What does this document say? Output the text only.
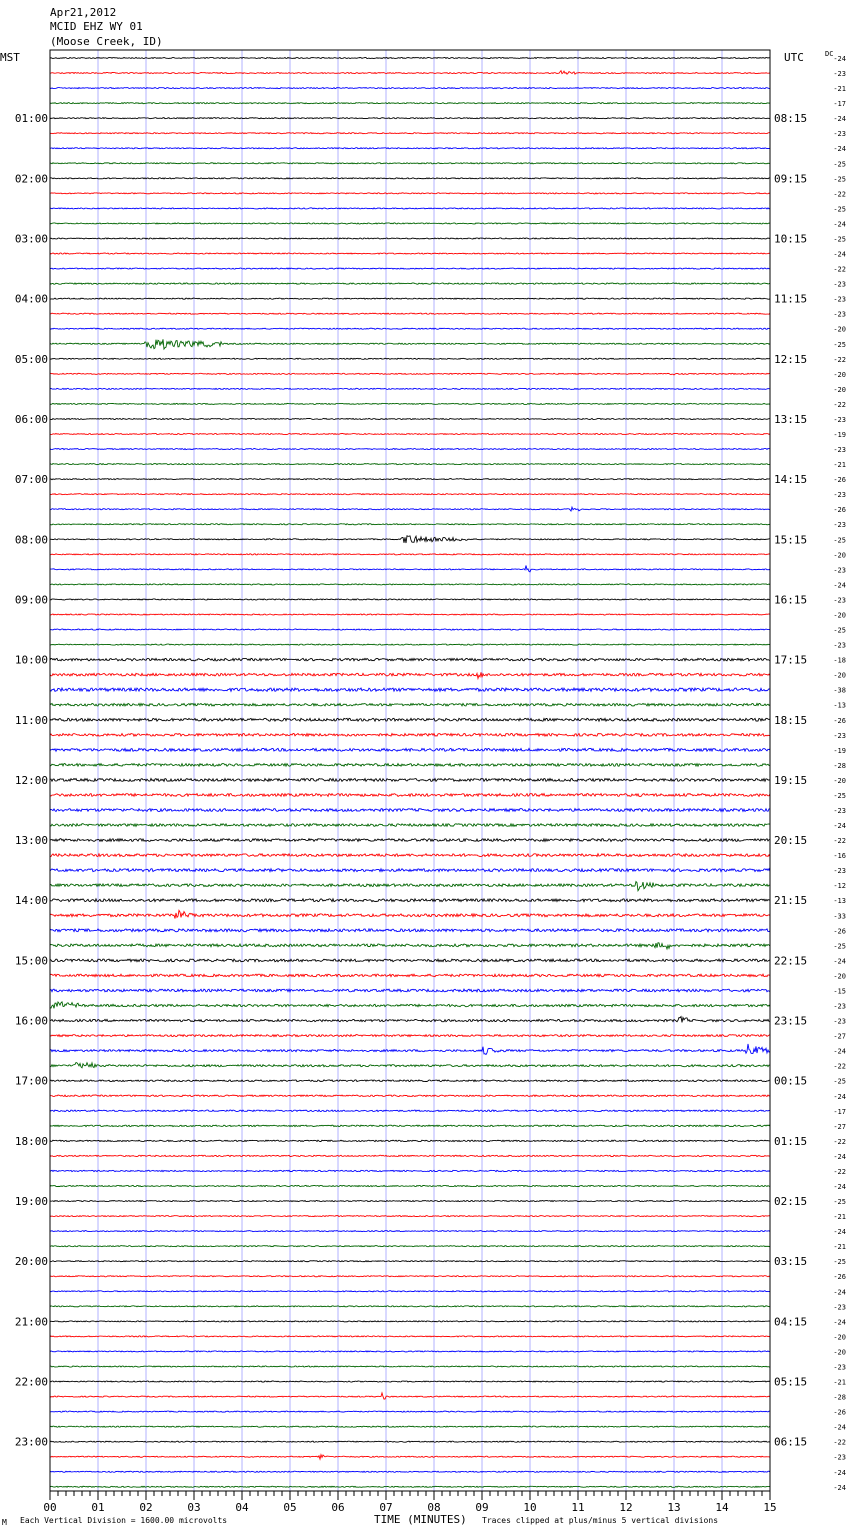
Apr21,2012
MCID EHZ WY 01
(Moose Creek, ID)
MST	UTC	DC
01:00
02:00
03:00
04:00
05:00
06:00
07:00
08:00
09:00
10:00
11:00
12:00
13:00
14:00
15:00
16:00
17:00
18:00
19:00
20:00
21:00
22:00
23:00
08:15
09:15
10:15
11:15
12:15
13:15
14:15
15:15
16:15
17:15
18:15
19:15
20:15
21:15
22:15
23:15
00:15
01:15
02:15
03:15
04:15
05:15
06:15
-24
-23
-21
-17
-24
-23
-24
-25
-25
-22
-25
-24
-25
-24
-22
-23
-23
-23
-20
-25
-22
-20
-20
-22
-23
-19
-23
-21
-26
-23
-26
-23
-25
-20
-23
-24
-23
-20
-25
-23
-18
-20
-38
-13
-26
-23
-19
-28
-20
-25
-23
-24
-22
-16
-23
-12
-13
-33
-26
-25
-24
-20
-15
-23
-23
-27
-24
-22
-25
-24
-17
-27
-22
-24
-22
-24
-25
-21
-24
-21
-25
-26
-24
-23
-24
-20
-20
-23
-21
-28
-26
-24
-22
-23
-24
-24
00	01	02	03	04	05	06	07	08	09	10	11	12	13	14	15
M Each Vertical Division = 1600.00 microvolts	TIME (MINUTES) Traces clipped at plus/minus 5 vertical divisions
